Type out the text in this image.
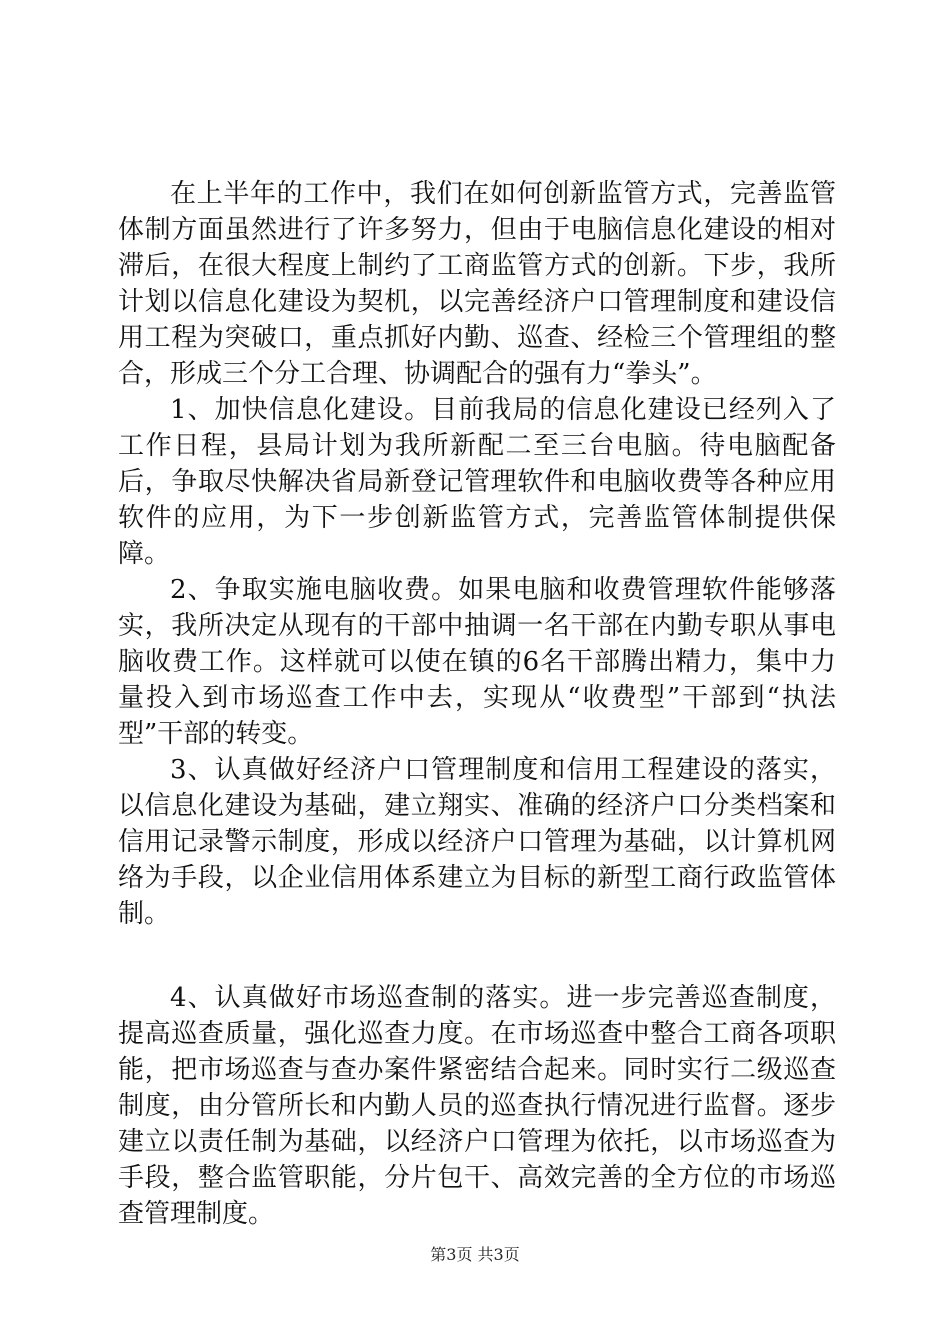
在上半年的工作中，我们在如何创新监管方式，完善监管体制方面虽然进行了许多努力，但由于电脑信息化建设的相对滞后，在很大程度上制约了工商监管方式的创新。下步，我所计划以信息化建设为契机，以完善经济户口管理制度和建设信用工程为突破口，重点抓好内勤、巡查、经检三个管理组的整合，形成三个分工合理、协调配合的强有力“拳头”。

1、加快信息化建设。目前我局的信息化建设已经列入了工作日程，县局计划为我所新配二至三台电脑。待电脑配备后，争取尽快解决省局新登记管理软件和电脑收费等各种应用软件的应用，为下一步创新监管方式，完善监管体制提供保障。

2、争取实施电脑收费。如果电脑和收费管理软件能够落实，我所决定从现有的干部中抽调一名干部在内勤专职从事电脑收费工作。这样就可以使在镇的6名干部腾出精力，集中力量投入到市场巡查工作中去，实现从“收费型”干部到“执法型”干部的转变。

3、认真做好经济户口管理制度和信用工程建设的落实，以信息化建设为基础，建立翔实、准确的经济户口分类档案和信用记录警示制度，形成以经济户口管理为基础，以计算机网络为手段，以企业信用体系建立为目标的新型工商行政监管体制。

4、认真做好市场巡查制的落实。进一步完善巡查制度，提高巡查质量，强化巡查力度。在市场巡查中整合工商各项职能，把市场巡查与查办案件紧密结合起来。同时实行二级巡查制度，由分管所长和内勤人员的巡查执行情况进行监督。逐步建立以责任制为基础，以经济户口管理为依托，以市场巡查为手段，整合监管职能，分片包干、高效完善的全方位的市场巡查管理制度。

第3页 共3页
